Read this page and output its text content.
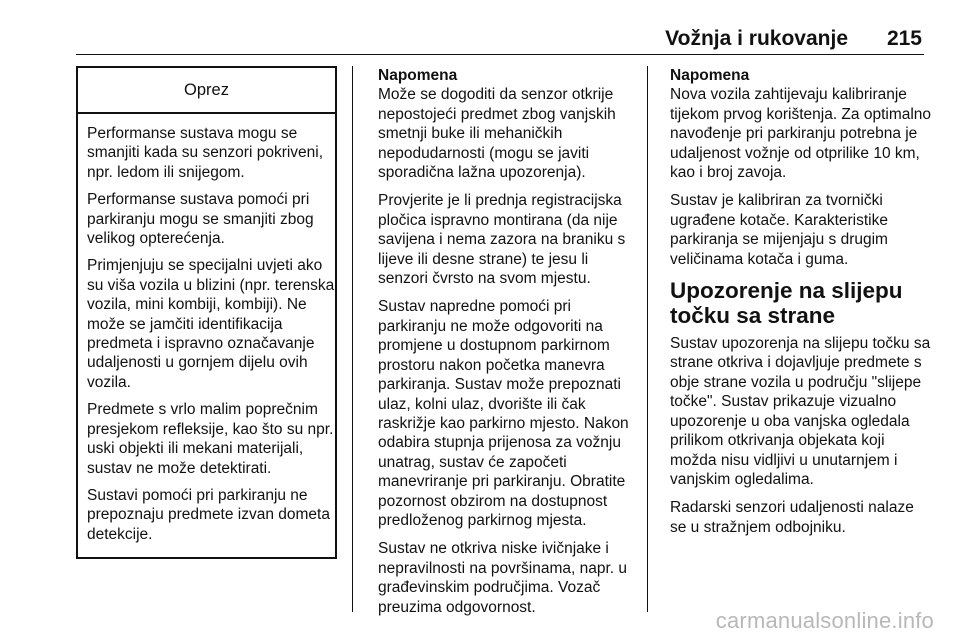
Vožnja i rukovanje 215
Oprez

Performanse sustava mogu se smanjiti kada su senzori pokriveni, npr. ledom ili snijegom.

Performanse sustava pomoći pri parkiranju mogu se smanjiti zbog velikog opterećenja.

Primjenjuju se specijalni uvjeti ako su viša vozila u blizini (npr. terenska vozila, mini kombiji, kombiji). Ne može se jamčiti identifikacija predmeta i ispravno označavanje udaljenosti u gornjem dijelu ovih vozila.

Predmete s vrlo malim poprečnim presjekom refleksije, kao što su npr. uski objekti ili mekani materijali, sustav ne može detektirati.

Sustavi pomoći pri parkiranju ne prepoznaju predmete izvan dometa detekcije.

Napomena

Može se dogoditi da senzor otkrije nepostojeći predmet zbog vanjskih smetnji buke ili mehaničkih nepodudarnosti (mogu se javiti sporadična lažna upozorenja).

Provjerite je li prednja registracijska pločica ispravno montirana (da nije savijena i nema zazora na braniku s lijeve ili desne strane) te jesu li senzori čvrsto na svom mjestu.

Sustav napredne pomoći pri parkiranju ne može odgovoriti na promjene u dostupnom parkirnom prostoru nakon početka manevra parkiranja. Sustav može prepoznati ulaz, kolni ulaz, dvorište ili čak raskrižje kao parkirno mjesto. Nakon odabira stupnja prijenosa za vožnju unatrag, sustav će započeti manevriranje pri parkiranju. Obratite pozornost obzirom na dostupnost predloženog parkirnog mjesta.

Sustav ne otkriva niske ivičnjake i nepravilnosti na površinama, napr. u građevinskim područjima. Vozač preuzima odgovornost.

Napomena

Nova vozila zahtijevaju kalibriranje tijekom prvog korištenja. Za optimalno navođenje pri parkiranju potrebna je udaljenost vožnje od otprilike 10 km, kao i broj zavoja.

Sustav je kalibriran za tvornički ugrađene kotače. Karakteristike parkiranja se mijenjaju s drugim veličinama kotača i guma.

Upozorenje na slijepu točku sa strane

Sustav upozorenja na slijepu točku sa strane otkriva i dojavljuje predmete s obje strane vozila u području "slijepe točke". Sustav prikazuje vizualno upozorenje u oba vanjska ogledala prilikom otkrivanja objekata koji možda nisu vidljivi u unutarnjem i vanjskim ogledalima.

Radarski senzori udaljenosti nalaze se u stražnjem odbojniku.

carmanualsonline.info
